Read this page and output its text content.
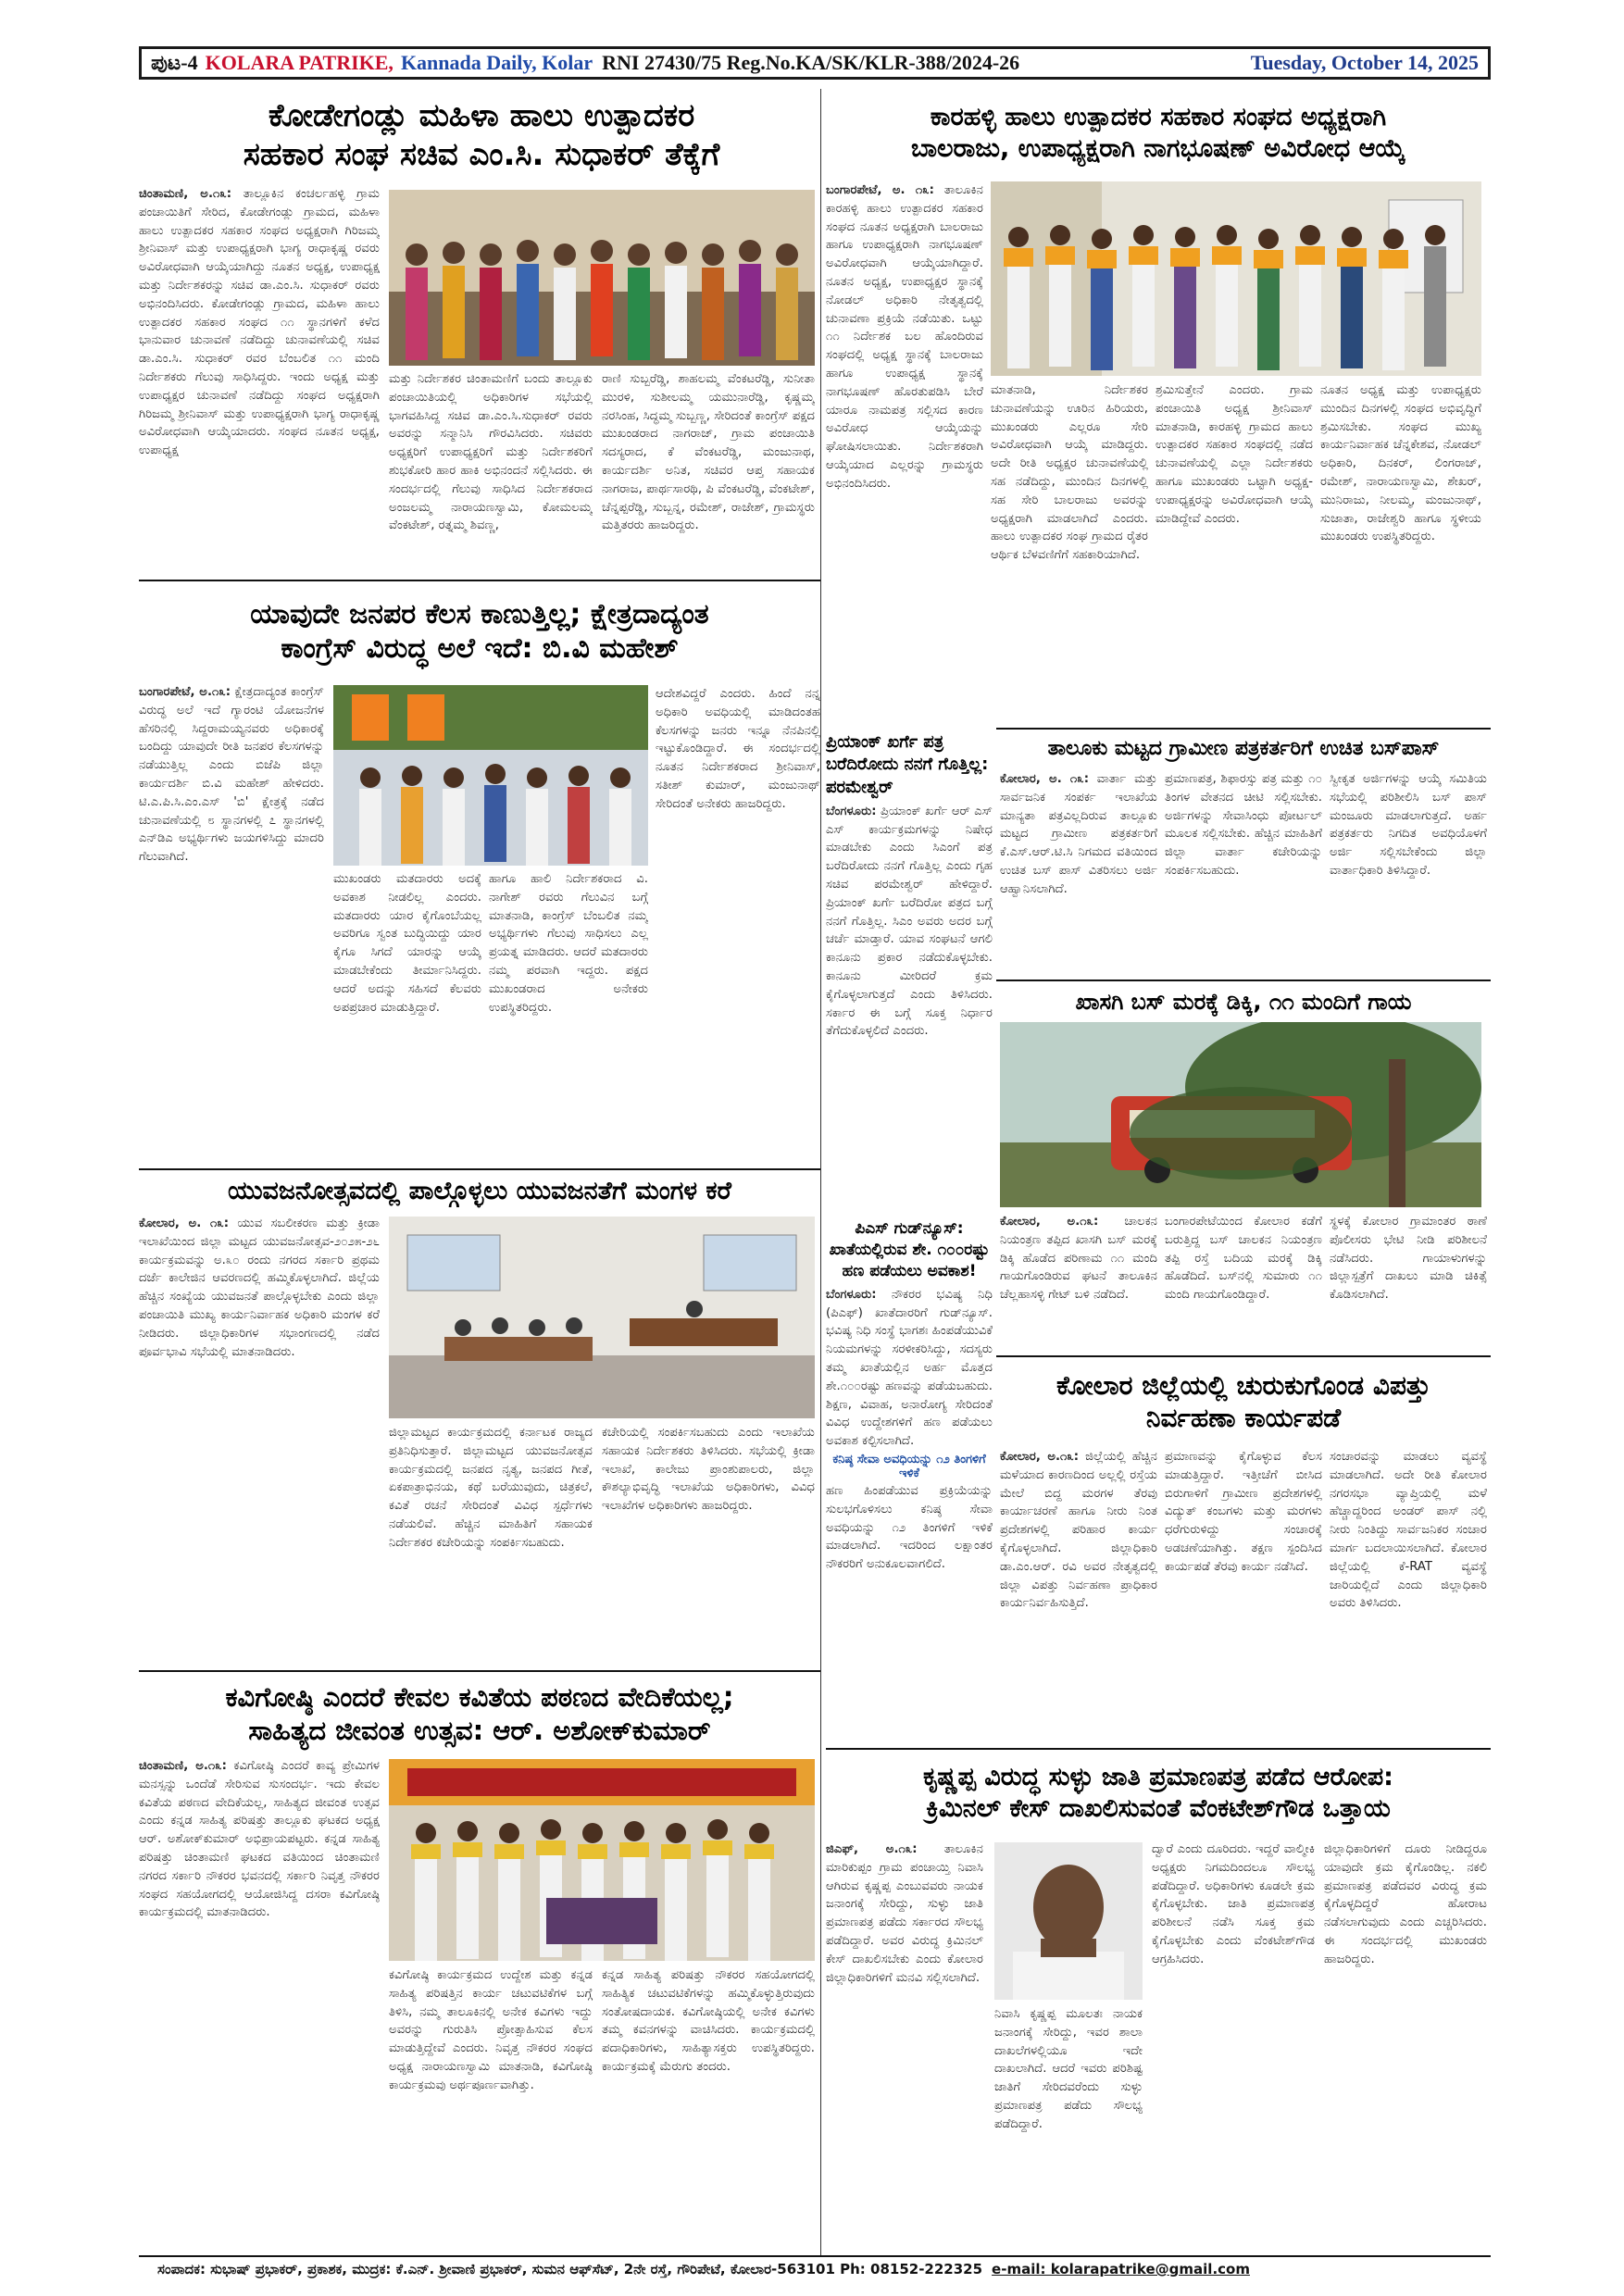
ಪುಟ-4 KOLARA PATRIKE, Kannada Daily, Kolar RNI 27430/75 Reg.No.KA/SK/KLR-388/2024-26	Tuesday, October 14, 2025
ಕೋಡೇಗಂಡ್ಲು ಮಹಿಳಾ ಹಾಲು ಉತ್ಪಾದಕರ
ಸಹಕಾರ ಸಂಘ ಸಚಿವ ಎಂ.ಸಿ. ಸುಧಾಕರ್ ತೆಕ್ಕೆಗೆ
ಚಿಂತಾಮಣಿ, ಅ.೧೩: ತಾಲ್ಲೂಕಿನ ಕಂಚರ್ಲಹಳ್ಳಿ ಗ್ರಾಮ ಪಂಚಾಯಿತಿಗೆ ಸೇರಿದ, ಕೋಡೇಗಂಡ್ಲು ಗ್ರಾಮದ, ಮಹಿಳಾ ಹಾಲು ಉತ್ಪಾದಕರ ಸಹಕಾರ ಸಂಘದ ಅಧ್ಯಕ್ಷರಾಗಿ ಗಿರಿಜಮ್ಮ ಶ್ರೀನಿವಾಸ್ ಮತ್ತು ಉಪಾಧ್ಯಕ್ಷರಾಗಿ ಭಾಗ್ಯ ರಾಧಾಕೃಷ್ಣ ರವರು ಅವಿರೋಧವಾಗಿ ಆಯ್ಕೆಯಾಗಿದ್ದು ನೂತನ ಅಧ್ಯಕ್ಷ, ಉಪಾಧ್ಯಕ್ಷ ಮತ್ತು ನಿರ್ದೇಶಕರನ್ನು ಸಚಿವ ಡಾ.ಎಂ.ಸಿ. ಸುಧಾಕರ್ ರವರು ಅಭಿನಂದಿಸಿದರು. ಕೋಡೇಗಂಡ್ಲು ಗ್ರಾಮದ, ಮಹಿಳಾ ಹಾಲು ಉತ್ಪಾದಕರ ಸಹಕಾರ ಸಂಘದ ೧೧ ಸ್ಥಾನಗಳಿಗೆ ಕಳೆದ ಭಾನುವಾರ ಚುನಾವಣೆ ನಡೆದಿದ್ದು ಚುನಾವಣೆಯಲ್ಲಿ ಸಚಿವ ಡಾ.ಎಂ.ಸಿ. ಸುಧಾಕರ್ ರವರ ಬೆಂಬಲಿತ ೧೧ ಮಂದಿ ನಿರ್ದೇಶಕರು ಗೆಲುವು ಸಾಧಿಸಿದ್ದರು. ಇಂದು ಅಧ್ಯಕ್ಷ ಮತ್ತು ಉಪಾಧ್ಯಕ್ಷರ ಚುನಾವಣೆ ನಡೆದಿದ್ದು ಸಂಘದ ಅಧ್ಯಕ್ಷರಾಗಿ ಗಿರಿಜಮ್ಮ ಶ್ರೀನಿವಾಸ್ ಮತ್ತು ಉಪಾಧ್ಯಕ್ಷರಾಗಿ ಭಾಗ್ಯ ರಾಧಾಕೃಷ್ಣ ಅವಿರೋಧವಾಗಿ ಆಯ್ಕೆಯಾದರು. ಸಂಘದ ನೂತನ ಅಧ್ಯಕ್ಷ, ಉಪಾಧ್ಯಕ್ಷ
ಮತ್ತು ನಿರ್ದೇಶಕರ ಚಿಂತಾಮಣಿಗೆ ಬಂದು ತಾಲ್ಲೂಕು ಪಂಚಾಯಿತಿಯಲ್ಲಿ ಅಧಿಕಾರಿಗಳ ಸಭೆಯಲ್ಲಿ ಭಾಗವಹಿಸಿದ್ದ ಸಚಿವ ಡಾ.ಎಂ.ಸಿ.ಸುಧಾಕರ್ ರವರು ಅವರನ್ನು ಸನ್ಮಾನಿಸಿ ಗೌರವಿಸಿದರು. ಸಚಿವರು ಅಧ್ಯಕ್ಷರಿಗೆ ಉಪಾಧ್ಯಕ್ಷರಿಗೆ ಮತ್ತು ನಿರ್ದೇಶಕರಿಗೆ ಶುಭಕೋರಿ ಹಾರ ಹಾಕಿ ಅಭಿನಂದನೆ ಸಲ್ಲಿಸಿದರು. ಈ ಸಂದರ್ಭದಲ್ಲಿ ಗೆಲುವು ಸಾಧಿಸಿದ ನಿರ್ದೇಶಕರಾದ ಅಂಜಲಮ್ಮ ನಾರಾಯಣಸ್ವಾಮಿ, ಕೋಮಲಮ್ಮ ವೆಂಕಟೇಶ್, ರತ್ನಮ್ಮ ಶಿವಣ್ಣ,
ರಾಣಿ ಸುಬ್ಬರೆಡ್ಡಿ, ಶಾಹಲಮ್ಮ ವೆಂಕಟರೆಡ್ಡಿ, ಸುನೀತಾ ಮುರಳಿ, ಸುಶೀಲಮ್ಮ ಯಮುನಾರೆಡ್ಡಿ, ಕೃಷ್ಣಮ್ಮ ನರಸಿಂಹ, ಸಿದ್ಧಮ್ಮ ಸುಬ್ಬಣ್ಣ, ಸೇರಿದಂತೆ ಕಾಂಗ್ರೆಸ್ ಪಕ್ಷದ ಮುಖಂಡರಾದ ನಾಗರಾಜ್, ಗ್ರಾಮ ಪಂಚಾಯಿತಿ ಸದಸ್ಯರಾದ, ಕೆ ವೆಂಕಟರೆಡ್ಡಿ, ಮಂಜುನಾಥ, ಕಾರ್ಯದರ್ಶಿ ಅನಿತ, ಸಚಿವರ ಆಪ್ತ ಸಹಾಯಕ ನಾಗರಾಜ, ಪಾರ್ಥಸಾರಥಿ, ಪಿ ವೆಂಕಟರೆಡ್ಡಿ, ವೆಂಕಟೇಶ್, ಚೆನ್ನಪ್ಪರೆಡ್ಡಿ, ಸುಬ್ಬನ್ನ, ರಮೇಶ್, ರಾಜೇಶ್, ಗ್ರಾಮಸ್ಥರು ಮತ್ತಿತರರು ಹಾಜರಿದ್ದರು.
ಕಾರಹಳ್ಳಿ ಹಾಲು ಉತ್ಪಾದಕರ ಸಹಕಾರ ಸಂಘದ ಅಧ್ಯಕ್ಷರಾಗಿ
ಬಾಲರಾಜು, ಉಪಾಧ್ಯಕ್ಷರಾಗಿ ನಾಗಭೂಷಣ್ ಅವಿರೋಧ ಆಯ್ಕೆ
ಬಂಗಾರಪೇಟೆ, ಅ. ೧೩: ತಾಲೂಕಿನ ಕಾರಹಳ್ಳಿ ಹಾಲು ಉತ್ಪಾದಕರ ಸಹಕಾರ ಸಂಘದ ನೂತನ ಅಧ್ಯಕ್ಷರಾಗಿ ಬಾಲರಾಜು ಹಾಗೂ ಉಪಾಧ್ಯಕ್ಷರಾಗಿ ನಾಗಭೂಷಣ್ ಅವಿರೋಧವಾಗಿ ಆಯ್ಕೆಯಾಗಿದ್ದಾರೆ. ನೂತನ ಅಧ್ಯಕ್ಷ, ಉಪಾಧ್ಯಕ್ಷರ ಸ್ಥಾನಕ್ಕೆ ನೋಡಲ್ ಅಧಿಕಾರಿ ನೇತೃತ್ವದಲ್ಲಿ ಚುನಾವಣಾ ಪ್ರಕ್ರಿಯೆ ನಡೆಯಿತು. ಒಟ್ಟು ೧೧ ನಿರ್ದೇಶಕ ಬಲ ಹೊಂದಿರುವ ಸಂಘದಲ್ಲಿ ಅಧ್ಯಕ್ಷ ಸ್ಥಾನಕ್ಕೆ ಬಾಲರಾಜು ಹಾಗೂ ಉಪಾಧ್ಯಕ್ಷ ಸ್ಥಾನಕ್ಕೆ ನಾಗಭೂಷಣ್ ಹೊರತುಪಡಿಸಿ ಬೇರೆ ಯಾರೂ ನಾಮಪತ್ರ ಸಲ್ಲಿಸದ ಕಾರಣ ಅವಿರೋಧ ಆಯ್ಕೆಯನ್ನು ಘೋಷಿಸಲಾಯಿತು. ನಿರ್ದೇಶಕರಾಗಿ ಆಯ್ಕೆಯಾದ ಎಲ್ಲರನ್ನು ಗ್ರಾಮಸ್ಥರು ಅಭಿನಂದಿಸಿದರು.
ಮಾತನಾಡಿ, ನಿರ್ದೇಶಕರ ಚುನಾವಣೆಯನ್ನು ಊರಿನ ಹಿರಿಯರು, ಮುಖಂಡರು ಎಲ್ಲರೂ ಸೇರಿ ಅವಿರೋಧವಾಗಿ ಆಯ್ಕೆ ಮಾಡಿದ್ದರು. ಅದೇ ರೀತಿ ಅಧ್ಯಕ್ಷರ ಚುನಾವಣೆಯಲ್ಲಿ ಸಹ ನಡೆದಿದ್ದು, ಮುಂದಿನ ದಿನಗಳಲ್ಲಿ ಸಹ ಸೇರಿ ಬಾಲರಾಜು ಅವರನ್ನು ಅಧ್ಯಕ್ಷರಾಗಿ ಮಾಡಲಾಗಿದೆ ಎಂದರು. ಹಾಲು ಉತ್ಪಾದಕರ ಸಂಘ ಗ್ರಾಮದ ರೈತರ ಆರ್ಥಿಕ ಬೆಳವಣಿಗೆಗೆ ಸಹಕಾರಿಯಾಗಿದೆ.
ಶ್ರಮಿಸುತ್ತೇನೆ ಎಂದರು. ಗ್ರಾಮ ಪಂಚಾಯಿತಿ ಅಧ್ಯಕ್ಷ ಶ್ರೀನಿವಾಸ್ ಮಾತನಾಡಿ, ಕಾರಹಳ್ಳಿ ಗ್ರಾಮದ ಹಾಲು ಉತ್ಪಾದಕರ ಸಹಕಾರ ಸಂಘದಲ್ಲಿ ನಡೆದ ಚುನಾವಣೆಯಲ್ಲಿ ಎಲ್ಲಾ ನಿರ್ದೇಶಕರು ಹಾಗೂ ಮುಖಂಡರು ಒಟ್ಟಾಗಿ ಅಧ್ಯಕ್ಷ-ಉಪಾಧ್ಯಕ್ಷರನ್ನು ಅವಿರೋಧವಾಗಿ ಆಯ್ಕೆ ಮಾಡಿದ್ದೇವೆ ಎಂದರು.
ನೂತನ ಅಧ್ಯಕ್ಷ ಮತ್ತು ಉಪಾಧ್ಯಕ್ಷರು ಮುಂದಿನ ದಿನಗಳಲ್ಲಿ ಸಂಘದ ಅಭಿವೃದ್ಧಿಗೆ ಶ್ರಮಿಸಬೇಕು. ಸಂಘದ ಮುಖ್ಯ ಕಾರ್ಯನಿರ್ವಾಹಕ ಚೆನ್ನಕೇಶವ, ನೋಡಲ್ ಅಧಿಕಾರಿ, ದಿನಕರ್, ಲಿಂಗರಾಜ್, ರಮೇಶ್, ನಾರಾಯಣಸ್ವಾಮಿ, ಶೇಖರ್, ಮುನಿರಾಜು, ನೀಲಮ್ಮ, ಮಂಜುನಾಥ್, ಸುಜಾತಾ, ರಾಜೇಶ್ವರಿ ಹಾಗೂ ಸ್ಥಳೀಯ ಮುಖಂಡರು ಉಪಸ್ಥಿತರಿದ್ದರು.
ಯಾವುದೇ ಜನಪರ ಕೆಲಸ ಕಾಣುತ್ತಿಲ್ಲ; ಕ್ಷೇತ್ರದಾದ್ಯಂತ
ಕಾಂಗ್ರೆಸ್ ವಿರುದ್ಧ ಅಲೆ ಇದೆ: ಬಿ.ವಿ ಮಹೇಶ್
ಬಂಗಾರಪೇಟೆ, ಅ.೧೩: ಕ್ಷೇತ್ರದಾದ್ಯಂತ ಕಾಂಗ್ರೆಸ್ ವಿರುದ್ಧ ಅಲೆ ಇದೆ ಗ್ಯಾರಂಟಿ ಯೋಜನೆಗಳ ಹೆಸರಿನಲ್ಲಿ ಸಿದ್ದರಾಮಯ್ಯನವರು ಅಧಿಕಾರಕ್ಕೆ ಬಂದಿದ್ದು ಯಾವುದೇ ರೀತಿ ಜನಪರ ಕೆಲಸಗಳನ್ನು ನಡೆಯುತ್ತಿಲ್ಲ ಎಂದು ಬಿಜೆಪಿ ಜಿಲ್ಲಾ ಕಾರ್ಯದರ್ಶಿ ಬಿ.ವಿ ಮಹೇಶ್ ಹೇಳಿದರು. ಟಿ.ಎ.ಪಿ.ಸಿ.ಎಂ.ಎಸ್ 'ಬಿ' ಕ್ಷೇತ್ರಕ್ಕೆ ನಡೆದ ಚುನಾವಣೆಯಲ್ಲಿ ೮ ಸ್ಥಾನಗಳಲ್ಲಿ ೭ ಸ್ಥಾನಗಳಲ್ಲಿ ಎನ್‌ಡಿಎ ಅಭ್ಯರ್ಥಿಗಳು ಜಯಗಳಿಸಿದ್ದು ಮಾದರಿ ಗೆಲುವಾಗಿದೆ.
ಮುಖಂಡರು ಮತದಾರರು ಅದಕ್ಕೆ ಅವಕಾಶ ನೀಡಲಿಲ್ಲ ಎಂದರು. ಮತದಾರರು ಯಾರ ಕೈಗೊಂಬೆಯಲ್ಲ ಅವರಿಗೂ ಸ್ವಂತ ಬುದ್ಧಿಯಿದ್ದು ಯಾರ ಕೈಗೂ ಸಿಗದೆ ಯಾರನ್ನು ಆಯ್ಕೆ ಮಾಡಬೇಕೆಂದು ತೀರ್ಮಾನಿಸಿದ್ದರು. ಆದರೆ ಅದನ್ನು ಸಹಿಸದೆ ಕೆಲವರು ಅಪಪ್ರಚಾರ ಮಾಡುತ್ತಿದ್ದಾರೆ.
ಹಾಗೂ ಹಾಲಿ ನಿರ್ದೇಶಕರಾದ ವಿ. ನಾಗೇಶ್ ರವರು ಗೆಲುವಿನ ಬಗ್ಗೆ ಮಾತನಾಡಿ, ಕಾಂಗ್ರೆಸ್ ಬೆಂಬಲಿತ ನಮ್ಮ ಅಭ್ಯರ್ಥಿಗಳು ಗೆಲುವು ಸಾಧಿಸಲು ಎಲ್ಲ ಪ್ರಯತ್ನ ಮಾಡಿದರು. ಆದರೆ ಮತದಾರರು ನಮ್ಮ ಪರವಾಗಿ ಇದ್ದರು. ಪಕ್ಷದ ಮುಖಂಡರಾದ ಅನೇಕರು ಉಪಸ್ಥಿತರಿದ್ದರು.
ಆದೇಶವಿದ್ದರೆ ಎಂದರು. ಹಿಂದೆ ನನ್ನ ಅಧಿಕಾರಿ ಅವಧಿಯಲ್ಲಿ ಮಾಡಿದಂತಹ ಕೆಲಸಗಳನ್ನು ಜನರು ಇನ್ನೂ ನೆನಪಿನಲ್ಲಿ ಇಟ್ಟುಕೊಂಡಿದ್ದಾರೆ. ಈ ಸಂದರ್ಭದಲ್ಲಿ ನೂತನ ನಿರ್ದೇಶಕರಾದ ಶ್ರೀನಿವಾಸ್, ಸತೀಶ್ ಕುಮಾರ್, ಮಂಜುನಾಥ್ ಸೇರಿದಂತೆ ಅನೇಕರು ಹಾಜರಿದ್ದರು.
ಪ್ರಿಯಾಂಕ್ ಖರ್ಗೆ ಪತ್ರ ಬರೆದಿರೋದು ನನಗೆ ಗೊತ್ತಿಲ್ಲ: ಪರಮೇಶ್ವರ್
ಬೆಂಗಳೂರು: ಪ್ರಿಯಾಂಕ್ ಖರ್ಗೆ ಆರ್ ಎಸ್ ಎಸ್ ಕಾರ್ಯಕ್ರಮಗಳನ್ನು ನಿಷೇಧ ಮಾಡಬೇಕು ಎಂದು ಸಿಎಂಗೆ ಪತ್ರ ಬರೆದಿರೋದು ನನಗೆ ಗೊತ್ತಿಲ್ಲ ಎಂದು ಗೃಹ ಸಚಿವ ಪರಮೇಶ್ವರ್ ಹೇಳಿದ್ದಾರೆ. ಪ್ರಿಯಾಂಕ್ ಖರ್ಗೆ ಬರೆದಿರೋ ಪತ್ರದ ಬಗ್ಗೆ ನನಗೆ ಗೊತ್ತಿಲ್ಲ. ಸಿಎಂ ಅವರು ಅದರ ಬಗ್ಗೆ ಚರ್ಚೆ ಮಾಡ್ತಾರೆ. ಯಾವ ಸಂಘಟನೆ ಆಗಲಿ ಕಾನೂನು ಪ್ರಕಾರ ನಡೆದುಕೊಳ್ಳಬೇಕು. ಕಾನೂನು ಮೀರಿದರೆ ಕ್ರಮ ಕೈಗೊಳ್ಳಲಾಗುತ್ತದೆ ಎಂದು ತಿಳಿಸಿದರು. ಸರ್ಕಾರ ಈ ಬಗ್ಗೆ ಸೂಕ್ತ ನಿರ್ಧಾರ ತೆಗೆದುಕೊಳ್ಳಲಿದೆ ಎಂದರು.
ತಾಲೂಕು ಮಟ್ಟದ ಗ್ರಾಮೀಣ ಪತ್ರಕರ್ತರಿಗೆ ಉಚಿತ ಬಸ್‌ಪಾಸ್
ಕೋಲಾರ, ಅ. ೧೩: ವಾರ್ತಾ ಮತ್ತು ಸಾರ್ವಜನಿಕ ಸಂಪರ್ಕ ಇಲಾಖೆಯ ಮಾನ್ಯತಾ ಪತ್ರವಿಲ್ಲದಿರುವ ತಾಲ್ಲೂಕು ಮಟ್ಟದ ಗ್ರಾಮೀಣ ಪತ್ರಕರ್ತರಿಗೆ ಕೆ.ಎಸ್.ಆರ್.ಟಿ.ಸಿ ನಿಗಮದ ವತಿಯಿಂದ ಉಚಿತ ಬಸ್ ಪಾಸ್ ವಿತರಿಸಲು ಅರ್ಜಿ ಆಹ್ವಾನಿಸಲಾಗಿದೆ.
ಪ್ರಮಾಣಪತ್ರ, ಶಿಫಾರಸ್ಸು ಪತ್ರ ಮತ್ತು ೧೦ ತಿಂಗಳ ವೇತನದ ಚೀಟಿ ಸಲ್ಲಿಸಬೇಕು. ಅರ್ಜಿಗಳನ್ನು ಸೇವಾಸಿಂಧು ಪೋರ್ಟಲ್ ಮೂಲಕ ಸಲ್ಲಿಸಬೇಕು. ಹೆಚ್ಚಿನ ಮಾಹಿತಿಗೆ ಜಿಲ್ಲಾ ವಾರ್ತಾ ಕಚೇರಿಯನ್ನು ಸಂಪರ್ಕಿಸಬಹುದು.
ಸ್ವೀಕೃತ ಅರ್ಜಿಗಳನ್ನು ಆಯ್ಕೆ ಸಮಿತಿಯ ಸಭೆಯಲ್ಲಿ ಪರಿಶೀಲಿಸಿ ಬಸ್ ಪಾಸ್ ಮಂಜೂರು ಮಾಡಲಾಗುತ್ತದೆ. ಅರ್ಹ ಪತ್ರಕರ್ತರು ನಿಗದಿತ ಅವಧಿಯೊಳಗೆ ಅರ್ಜಿ ಸಲ್ಲಿಸಬೇಕೆಂದು ಜಿಲ್ಲಾ ವಾರ್ತಾಧಿಕಾರಿ ತಿಳಿಸಿದ್ದಾರೆ.
ಖಾಸಗಿ ಬಸ್ ಮರಕ್ಕೆ ಡಿಕ್ಕಿ, ೧೧ ಮಂದಿಗೆ ಗಾಯ
ಕೋಲಾರ, ಅ.೧೩: ಚಾಲಕನ ನಿಯಂತ್ರಣ ತಪ್ಪಿದ ಖಾಸಗಿ ಬಸ್ ಮರಕ್ಕೆ ಡಿಕ್ಕಿ ಹೊಡೆದ ಪರಿಣಾಮ ೧೧ ಮಂದಿ ಗಾಯಗೊಂಡಿರುವ ಘಟನೆ ತಾಲೂಕಿನ ಚೆಲ್ಲಹಾಸಳ್ಳಿ ಗೇಟ್ ಬಳಿ ನಡೆದಿದೆ.
ಬಂಗಾರಪೇಟೆಯಿಂದ ಕೋಲಾರ ಕಡೆಗೆ ಬರುತ್ತಿದ್ದ ಬಸ್ ಚಾಲಕನ ನಿಯಂತ್ರಣ ತಪ್ಪಿ ರಸ್ತೆ ಬದಿಯ ಮರಕ್ಕೆ ಡಿಕ್ಕಿ ಹೊಡೆದಿದೆ. ಬಸ್‌ನಲ್ಲಿ ಸುಮಾರು ೧೧ ಮಂದಿ ಗಾಯಗೊಂಡಿದ್ದಾರೆ.
ಸ್ಥಳಕ್ಕೆ ಕೋಲಾರ ಗ್ರಾಮಾಂತರ ಠಾಣೆ ಪೊಲೀಸರು ಭೇಟಿ ನೀಡಿ ಪರಿಶೀಲನೆ ನಡೆಸಿದರು. ಗಾಯಾಳುಗಳನ್ನು ಜಿಲ್ಲಾಸ್ಪತ್ರೆಗೆ ದಾಖಲು ಮಾಡಿ ಚಿಕಿತ್ಸೆ ಕೊಡಿಸಲಾಗಿದೆ.
ಯುವಜನೋತ್ಸವದಲ್ಲಿ ಪಾಲ್ಗೊಳ್ಳಲು ಯುವಜನತೆಗೆ ಮಂಗಳ ಕರೆ
ಕೋಲಾರ, ಅ. ೧೩: ಯುವ ಸಬಲೀಕರಣ ಮತ್ತು ಕ್ರೀಡಾ ಇಲಾಖೆಯಿಂದ ಜಿಲ್ಲಾ ಮಟ್ಟದ ಯುವಜನೋತ್ಸವ-೨೦೨೫-೨೬ ಕಾರ್ಯಕ್ರಮವನ್ನು ಅ.೩೦ ರಂದು ನಗರದ ಸರ್ಕಾರಿ ಪ್ರಥಮ ದರ್ಜೆ ಕಾಲೇಜಿನ ಆವರಣದಲ್ಲಿ ಹಮ್ಮಿಕೊಳ್ಳಲಾಗಿದೆ. ಜಿಲ್ಲೆಯ ಹೆಚ್ಚಿನ ಸಂಖ್ಯೆಯ ಯುವಜನತೆ ಪಾಲ್ಗೊಳ್ಳಬೇಕು ಎಂದು ಜಿಲ್ಲಾ ಪಂಚಾಯಿತಿ ಮುಖ್ಯ ಕಾರ್ಯನಿರ್ವಾಹಕ ಅಧಿಕಾರಿ ಮಂಗಳ ಕರೆ ನೀಡಿದರು. ಜಿಲ್ಲಾಧಿಕಾರಿಗಳ ಸಭಾಂಗಣದಲ್ಲಿ ನಡೆದ ಪೂರ್ವಭಾವಿ ಸಭೆಯಲ್ಲಿ ಮಾತನಾಡಿದರು.
ಜಿಲ್ಲಾಮಟ್ಟದ ಕಾರ್ಯಕ್ರಮದಲ್ಲಿ ಕರ್ನಾಟಕ ರಾಜ್ಯದ ಪ್ರತಿನಿಧಿಸುತ್ತಾರೆ. ಜಿಲ್ಲಾಮಟ್ಟದ ಯುವಜನೋತ್ಸವ ಕಾರ್ಯಕ್ರಮದಲ್ಲಿ ಜನಪದ ನೃತ್ಯ, ಜನಪದ ಗೀತೆ, ಏಕಪಾತ್ರಾಭಿನಯ, ಕಥೆ ಬರೆಯುವುದು, ಚಿತ್ರಕಲೆ, ಕವಿತೆ ರಚನೆ ಸೇರಿದಂತೆ ವಿವಿಧ ಸ್ಪರ್ಧೆಗಳು ನಡೆಯಲಿವೆ. ಹೆಚ್ಚಿನ ಮಾಹಿತಿಗೆ ಸಹಾಯಕ ನಿರ್ದೇಶಕರ ಕಚೇರಿಯನ್ನು ಸಂಪರ್ಕಿಸಬಹುದು.
ಕಚೇರಿಯಲ್ಲಿ ಸಂಪರ್ಕಿಸಬಹುದು ಎಂದು ಇಲಾಖೆಯ ಸಹಾಯಕ ನಿರ್ದೇಶಕರು ತಿಳಿಸಿದರು. ಸಭೆಯಲ್ಲಿ ಕ್ರೀಡಾ ಇಲಾಖೆ, ಕಾಲೇಜು ಪ್ರಾಂಶುಪಾಲರು, ಜಿಲ್ಲಾ ಕೌಶಲ್ಯಾಭಿವೃದ್ಧಿ ಇಲಾಖೆಯ ಅಧಿಕಾರಿಗಳು, ವಿವಿಧ ಇಲಾಖೆಗಳ ಅಧಿಕಾರಿಗಳು ಹಾಜರಿದ್ದರು.
ಪಿಎಸ್ ಗುಡ್‌ನ್ಯೂಸ್: ಖಾತೆಯಲ್ಲಿರುವ ಶೇ. ೧೦೦ರಷ್ಟು ಹಣ ಪಡೆಯಲು ಅವಕಾಶ!
ಬೆಂಗಳೂರು: ನೌಕರರ ಭವಿಷ್ಯ ನಿಧಿ (ಪಿಎಫ್) ಖಾತೆದಾರರಿಗೆ ಗುಡ್‌ನ್ಯೂಸ್. ಭವಿಷ್ಯ ನಿಧಿ ಸಂಸ್ಥೆ ಭಾಗಶಃ ಹಿಂಪಡೆಯುವಿಕೆ ನಿಯಮಗಳನ್ನು ಸರಳೀಕರಿಸಿದ್ದು, ಸದಸ್ಯರು ತಮ್ಮ ಖಾತೆಯಲ್ಲಿನ ಅರ್ಹ ಮೊತ್ತದ ಶೇ.೧೦೦ರಷ್ಟು ಹಣವನ್ನು ಪಡೆಯಬಹುದು. ಶಿಕ್ಷಣ, ವಿವಾಹ, ಅನಾರೋಗ್ಯ ಸೇರಿದಂತೆ ವಿವಿಧ ಉದ್ದೇಶಗಳಿಗೆ ಹಣ ಪಡೆಯಲು ಅವಕಾಶ ಕಲ್ಪಿಸಲಾಗಿದೆ.
ಕನಿಷ್ಠ ಸೇವಾ ಅವಧಿಯನ್ನು ೧೨ ತಿಂಗಳಿಗೆ ಇಳಿಕೆ
ಹಣ ಹಿಂಪಡೆಯುವ ಪ್ರಕ್ರಿಯೆಯನ್ನು ಸುಲಭಗೊಳಿಸಲು ಕನಿಷ್ಠ ಸೇವಾ ಅವಧಿಯನ್ನು ೧೨ ತಿಂಗಳಿಗೆ ಇಳಿಕೆ ಮಾಡಲಾಗಿದೆ. ಇದರಿಂದ ಲಕ್ಷಾಂತರ ನೌಕರರಿಗೆ ಅನುಕೂಲವಾಗಲಿದೆ.
ಕೋಲಾರ ಜಿಲ್ಲೆಯಲ್ಲಿ ಚುರುಕುಗೊಂಡ ವಿಪತ್ತು ನಿರ್ವಹಣಾ ಕಾರ್ಯಪಡೆ
ಕೋಲಾರ, ಅ.೧೩: ಜಿಲ್ಲೆಯಲ್ಲಿ ಹೆಚ್ಚಿನ ಮಳೆಯಾದ ಕಾರಣದಿಂದ ಅಲ್ಲಲ್ಲಿ ರಸ್ತೆಯ ಮೇಲೆ ಬಿದ್ದ ಮರಗಳ ತೆರವು ಕಾರ್ಯಾಚರಣೆ ಹಾಗೂ ನೀರು ನಿಂತ ಪ್ರದೇಶಗಳಲ್ಲಿ ಪರಿಹಾರ ಕಾರ್ಯ ಕೈಗೊಳ್ಳಲಾಗಿದೆ. ಜಿಲ್ಲಾಧಿಕಾರಿ ಡಾ.ಎಂ.ಆರ್. ರವಿ ಅವರ ನೇತೃತ್ವದಲ್ಲಿ ಜಿಲ್ಲಾ ವಿಪತ್ತು ನಿರ್ವಹಣಾ ಪ್ರಾಧಿಕಾರ ಕಾರ್ಯನಿರ್ವಹಿಸುತ್ತಿದೆ.
ಪ್ರಮಾಣವನ್ನು ಕೈಗೊಳ್ಳುವ ಕೆಲಸ ಮಾಡುತ್ತಿದ್ದಾರೆ. ಇತ್ತೀಚೆಗೆ ಬೀಸಿದ ಬಿರುಗಾಳಿಗೆ ಗ್ರಾಮೀಣ ಪ್ರದೇಶಗಳಲ್ಲಿ ವಿದ್ಯುತ್ ಕಂಬಗಳು ಮತ್ತು ಮರಗಳು ಧರೆಗುರುಳಿದ್ದು ಸಂಚಾರಕ್ಕೆ ಅಡಚಣೆಯಾಗಿತ್ತು. ತಕ್ಷಣ ಸ್ಪಂದಿಸಿದ ಕಾರ್ಯಪಡೆ ತೆರವು ಕಾರ್ಯ ನಡೆಸಿದೆ.
ಸಂಚಾರವನ್ನು ಮಾಡಲು ವ್ಯವಸ್ಥೆ ಮಾಡಲಾಗಿದೆ. ಅದೇ ರೀತಿ ಕೋಲಾರ ನಗರಸಭಾ ವ್ಯಾಪ್ತಿಯಲ್ಲಿ ಮಳೆ ಹೆಚ್ಚಾದ್ದರಿಂದ ಅಂಡರ್ ಪಾಸ್ ನಲ್ಲಿ ನೀರು ನಿಂತಿದ್ದು ಸಾರ್ವಜನಿಕರ ಸಂಚಾರ ಮಾರ್ಗ ಬದಲಾಯಿಸಲಾಗಿದೆ. ಕೋಲಾರ ಜಿಲ್ಲೆಯಲ್ಲಿ ಕೆ-RAT ವ್ಯವಸ್ಥೆ ಜಾರಿಯಲ್ಲಿದೆ ಎಂದು ಜಿಲ್ಲಾಧಿಕಾರಿ ಅವರು ತಿಳಿಸಿದರು.
ಕವಿಗೋಷ್ಠಿ ಎಂದರೆ ಕೇವಲ ಕವಿತೆಯ ಪಠಣದ ವೇದಿಕೆಯಲ್ಲ;
ಸಾಹಿತ್ಯದ ಜೀವಂತ ಉತ್ಸವ: ಆರ್. ಅಶೋಕ್‌ಕುಮಾರ್
ಚಿಂತಾಮಣಿ, ಅ.೧೩: ಕವಿಗೋಷ್ಠಿ ಎಂದರೆ ಕಾವ್ಯ ಪ್ರೇಮಿಗಳ ಮನಸ್ಸನ್ನು ಒಂದೆಡೆ ಸೇರಿಸುವ ಸುಸಂದರ್ಭ. ಇದು ಕೇವಲ ಕವಿತೆಯ ಪಠಣದ ವೇದಿಕೆಯಲ್ಲ, ಸಾಹಿತ್ಯದ ಜೀವಂತ ಉತ್ಸವ ಎಂದು ಕನ್ನಡ ಸಾಹಿತ್ಯ ಪರಿಷತ್ತು ತಾಲ್ಲೂಕು ಘಟಕದ ಅಧ್ಯಕ್ಷ ಆರ್. ಅಶೋಕ್‌ಕುಮಾರ್ ಅಭಿಪ್ರಾಯಪಟ್ಟರು. ಕನ್ನಡ ಸಾಹಿತ್ಯ ಪರಿಷತ್ತು ಚಿಂತಾಮಣಿ ಘಟಕದ ವತಿಯಿಂದ ಚಿಂತಾಮಣಿ ನಗರದ ಸರ್ಕಾರಿ ನೌಕರರ ಭವನದಲ್ಲಿ ಸರ್ಕಾರಿ ನಿವೃತ್ತ ನೌಕರರ ಸಂಘದ ಸಹಯೋಗದಲ್ಲಿ ಆಯೋಜಿಸಿದ್ದ ದಸರಾ ಕವಿಗೋಷ್ಠಿ ಕಾರ್ಯಕ್ರಮದಲ್ಲಿ ಮಾತನಾಡಿದರು.
ಕವಿಗೋಷ್ಠಿ ಕಾರ್ಯಕ್ರಮದ ಉದ್ದೇಶ ಮತ್ತು ಕನ್ನಡ ಸಾಹಿತ್ಯ ಪರಿಷತ್ತಿನ ಕಾರ್ಯ ಚಟುವಟಿಕೆಗಳ ಬಗ್ಗೆ ತಿಳಿಸಿ, ನಮ್ಮ ತಾಲೂಕಿನಲ್ಲಿ ಅನೇಕ ಕವಿಗಳು ಇದ್ದು ಅವರನ್ನು ಗುರುತಿಸಿ ಪ್ರೋತ್ಸಾಹಿಸುವ ಕೆಲಸ ಮಾಡುತ್ತಿದ್ದೇವೆ ಎಂದರು. ನಿವೃತ್ತ ನೌಕರರ ಸಂಘದ ಅಧ್ಯಕ್ಷ ನಾರಾಯಣಸ್ವಾಮಿ ಮಾತನಾಡಿ, ಕವಿಗೋಷ್ಠಿ ಕಾರ್ಯಕ್ರಮವು ಅರ್ಥಪೂರ್ಣವಾಗಿತ್ತು.
ಕನ್ನಡ ಸಾಹಿತ್ಯ ಪರಿಷತ್ತು ನೌಕರರ ಸಹಯೋಗದಲ್ಲಿ ಸಾಹಿತ್ಯಿಕ ಚಟುವಟಿಕೆಗಳನ್ನು ಹಮ್ಮಿಕೊಳ್ಳುತ್ತಿರುವುದು ಸಂತೋಷದಾಯಕ. ಕವಿಗೋಷ್ಠಿಯಲ್ಲಿ ಅನೇಕ ಕವಿಗಳು ತಮ್ಮ ಕವನಗಳನ್ನು ವಾಚಿಸಿದರು. ಕಾರ್ಯಕ್ರಮದಲ್ಲಿ ಪದಾಧಿಕಾರಿಗಳು, ಸಾಹಿತ್ಯಾಸಕ್ತರು ಉಪಸ್ಥಿತರಿದ್ದರು. ಕಾರ್ಯಕ್ರಮಕ್ಕೆ ಮೆರುಗು ತಂದರು.
ಕೃಷ್ಣಪ್ಪ ವಿರುದ್ಧ ಸುಳ್ಳು ಜಾತಿ ಪ್ರಮಾಣಪತ್ರ ಪಡೆದ ಆರೋಪ:
ಕ್ರಿಮಿನಲ್ ಕೇಸ್ ದಾಖಲಿಸುವಂತೆ ವೆಂಕಟೇಶ್‌ಗೌಡ ಒತ್ತಾಯ
ಜಿಎಫ್, ಅ.೧೩: ತಾಲೂಕಿನ ಮಾರಿಕುಪ್ಪಂ ಗ್ರಾಮ ಪಂಚಾಯ್ತಿ ನಿವಾಸಿ ಆಗಿರುವ ಕೃಷ್ಣಪ್ಪ ಎಂಬುವವರು ನಾಯಕ ಜನಾಂಗಕ್ಕೆ ಸೇರಿದ್ದು, ಸುಳ್ಳು ಜಾತಿ ಪ್ರಮಾಣಪತ್ರ ಪಡೆದು ಸರ್ಕಾರದ ಸೌಲಭ್ಯ ಪಡೆದಿದ್ದಾರೆ. ಅವರ ವಿರುದ್ಧ ಕ್ರಿಮಿನಲ್ ಕೇಸ್ ದಾಖಲಿಸಬೇಕು ಎಂದು ಕೋಲಾರ ಜಿಲ್ಲಾಧಿಕಾರಿಗಳಿಗೆ ಮನವಿ ಸಲ್ಲಿಸಲಾಗಿದೆ.
ನಿವಾಸಿ ಕೃಷ್ಣಪ್ಪ ಮೂಲತಃ ನಾಯಕ ಜನಾಂಗಕ್ಕೆ ಸೇರಿದ್ದು, ಇವರ ಶಾಲಾ ದಾಖಲೆಗಳಲ್ಲಿಯೂ ಇದೇ ದಾಖಲಾಗಿದೆ. ಆದರೆ ಇವರು ಪರಿಶಿಷ್ಟ ಜಾತಿಗೆ ಸೇರಿದವರೆಂದು ಸುಳ್ಳು ಪ್ರಮಾಣಪತ್ರ ಪಡೆದು ಸೌಲಭ್ಯ ಪಡೆದಿದ್ದಾರೆ.
ದ್ವಾರೆ ಎಂದು ದೂರಿದರು. ಇದ್ದರೆ ವಾಲ್ಮೀಕಿ ಅಧ್ಯಕ್ಷರು ನಿಗಮದಿಂದಲೂ ಸೌಲಭ್ಯ ಪಡೆದಿದ್ದಾರೆ. ಅಧಿಕಾರಿಗಳು ಕೂಡಲೇ ಕ್ರಮ ಕೈಗೊಳ್ಳಬೇಕು. ಜಾತಿ ಪ್ರಮಾಣಪತ್ರ ಪರಿಶೀಲನೆ ನಡೆಸಿ ಸೂಕ್ತ ಕ್ರಮ ಕೈಗೊಳ್ಳಬೇಕು ಎಂದು ವೆಂಕಟೇಶ್‌ಗೌಡ ಆಗ್ರಹಿಸಿದರು.
ಜಿಲ್ಲಾಧಿಕಾರಿಗಳಿಗೆ ದೂರು ನೀಡಿದ್ದರೂ ಯಾವುದೇ ಕ್ರಮ ಕೈಗೊಂಡಿಲ್ಲ. ನಕಲಿ ಪ್ರಮಾಣಪತ್ರ ಪಡೆದವರ ವಿರುದ್ಧ ಕ್ರಮ ಕೈಗೊಳ್ಳದಿದ್ದರೆ ಹೋರಾಟ ನಡೆಸಲಾಗುವುದು ಎಂದು ಎಚ್ಚರಿಸಿದರು. ಈ ಸಂದರ್ಭದಲ್ಲಿ ಮುಖಂಡರು ಹಾಜರಿದ್ದರು.
ಸಂಪಾದಕ: ಸುಭಾಷ್ ಪ್ರಭಾಕರ್, ಪ್ರಕಾಶಕ, ಮುದ್ರಕ: ಕೆ.ಎನ್. ಶ್ರೀವಾಣಿ ಪ್ರಭಾಕರ್, ಸುಮನ ಆಫ್‌ಸೆಟ್, 2ನೇ ರಸ್ತೆ, ಗೌರಿಪೇಟೆ, ಕೋಲಾರ-563101 Ph: 08152-222325 e-mail: kolarapatrike@gmail.com
